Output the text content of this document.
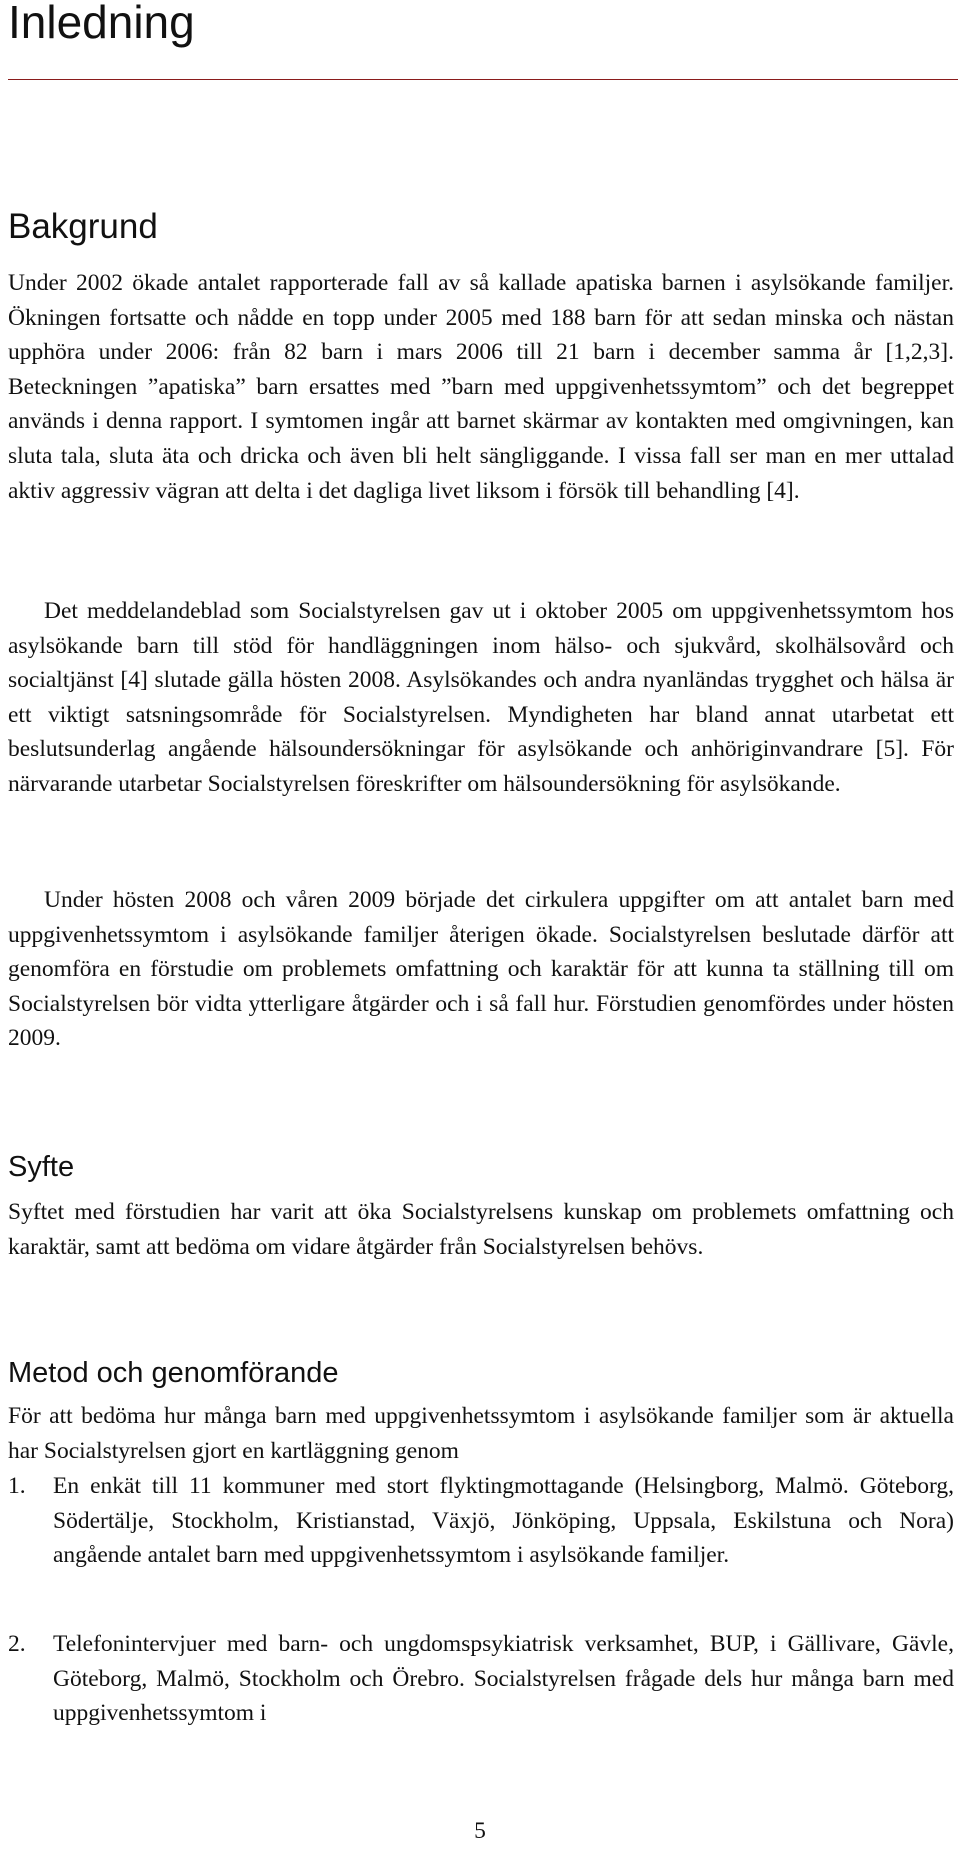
Inledning
Bakgrund

Under 2002 ökade antalet rapporterade fall av så kallade apatiska barnen i asylsökande familjer. Ökningen fortsatte och nådde en topp under 2005 med 188 barn för att sedan minska och nästan upphöra under 2006: från 82 barn i mars 2006 till 21 barn i december samma år [1,2,3]. Beteckningen ”apatiska” barn ersattes med ”barn med uppgivenhetssymtom” och det begreppet används i denna rapport. I symtomen ingår att barnet skärmar av kontakten med omgivningen, kan sluta tala, sluta äta och dricka och även bli helt sängliggande. I vissa fall ser man en mer uttalad aktiv aggressiv vägran att delta i det dagliga livet liksom i försök till behandling [4].

Det meddelandeblad som Socialstyrelsen gav ut i oktober 2005 om uppgivenhetssymtom hos asylsökande barn till stöd för handläggningen inom hälso- och sjukvård, skolhälsovård och socialtjänst [4] slutade gälla hösten 2008. Asylsökandes och andra nyanländas trygghet och hälsa är ett viktigt satsningsområde för Socialstyrelsen. Myndigheten har bland annat utarbetat ett beslutsunderlag angående hälsoundersökningar för asylsökande och anhöriginvandrare [5]. För närvarande utarbetar Socialstyrelsen föreskrifter om hälsoundersökning för asylsökande.

Under hösten 2008 och våren 2009 började det cirkulera uppgifter om att antalet barn med uppgivenhetssymtom i asylsökande familjer återigen ökade. Socialstyrelsen beslutade därför att genomföra en förstudie om problemets omfattning och karaktär för att kunna ta ställning till om Socialstyrelsen bör vidta ytterligare åtgärder och i så fall hur. Förstudien genomfördes under hösten 2009.

Syfte

Syftet med förstudien har varit att öka Socialstyrelsens kunskap om problemets omfattning och karaktär, samt att bedöma om vidare åtgärder från Socialstyrelsen behövs.

Metod och genomförande

För att bedöma hur många barn med uppgivenhetssymtom i asylsökande familjer som är aktuella har Socialstyrelsen gjort en kartläggning genom

1. En enkät till 11 kommuner med stort flyktingmottagande (Helsingborg, Malmö. Göteborg, Södertälje, Stockholm, Kristianstad, Växjö, Jönköping, Uppsala, Eskilstuna och Nora) angående antalet barn med uppgivenhetssymtom i asylsökande familjer.

2. Telefonintervjuer med barn- och ungdomspsykiatrisk verksamhet, BUP, i Gällivare, Gävle, Göteborg, Malmö, Stockholm och Örebro. Socialstyrelsen frågade dels hur många barn med uppgivenhetssymtom i

5
